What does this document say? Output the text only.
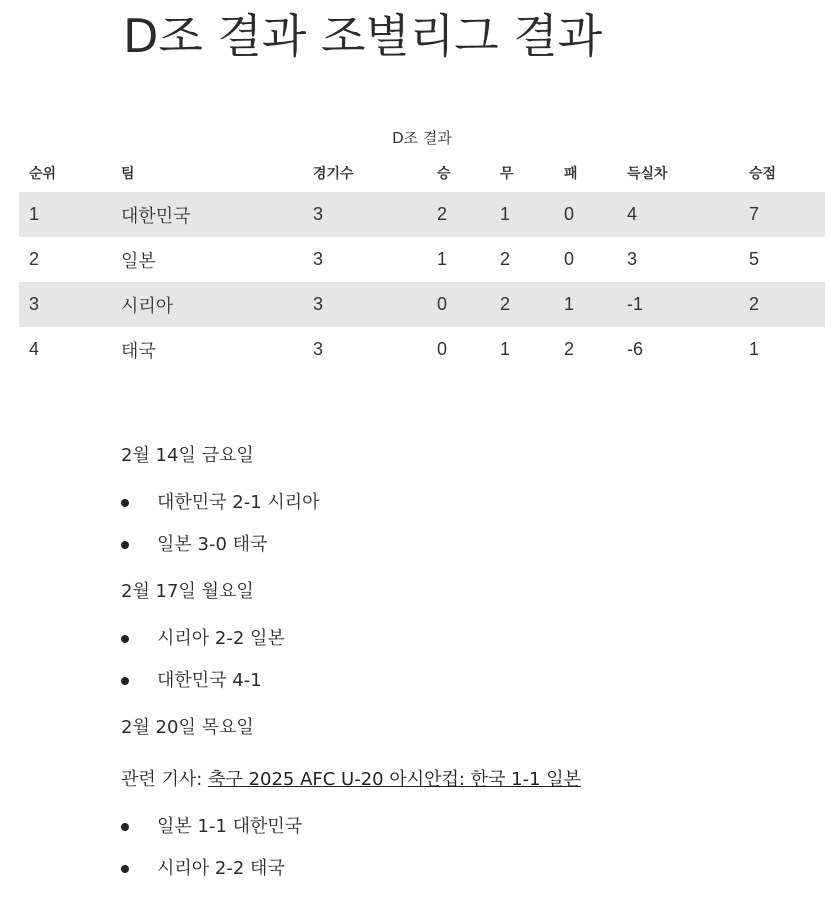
D조 결과 조별리그 결과
D조 결과
순위	팀	경기수	승	무	패	득실차	승점
1	대한민국	3	2	1	0	4	7
2	일본	3	1	2	0	3	5
3	시리아	3	0	2	1	-1	2
4	태국	3	0	1	2	-6	1
2월 14일 금요일
대한민국 2-1 시리아
일본 3-0 태국
2월 17일 월요일
시리아 2-2 일본
대한민국 4-1
2월 20일 목요일
관련 기사: 축구 2025 AFC U-20 아시안컵: 한국 1-1 일본
일본 1-1 대한민국
시리아 2-2 태국
